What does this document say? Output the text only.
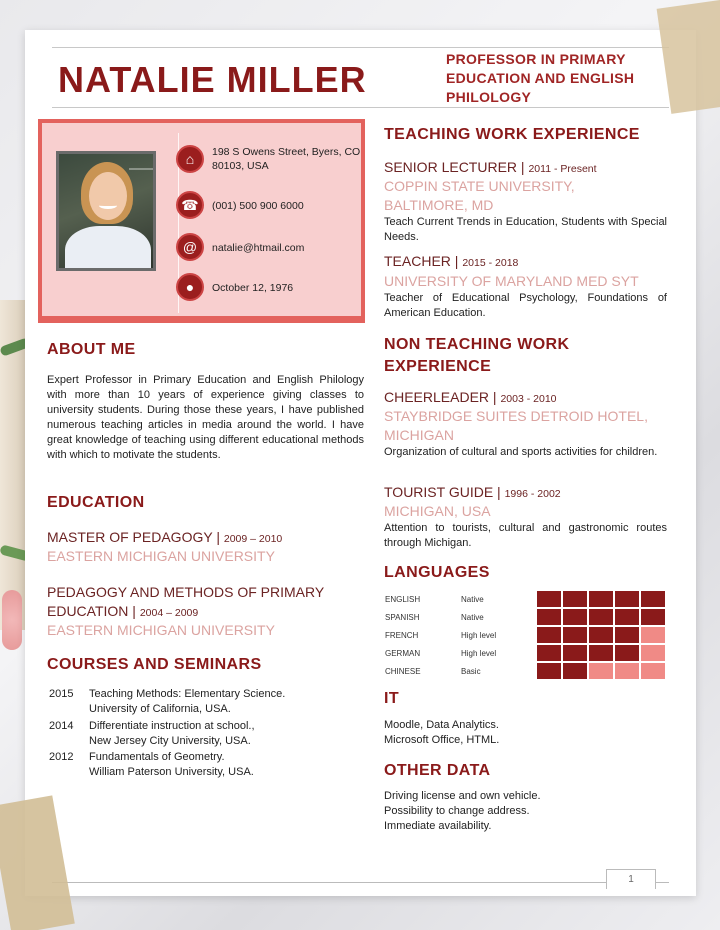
NATALIE MILLER	PROFESSOR IN PRIMARY EDUCATION AND ENGLISH PHILOLOGY
⌂	198 S Owens Street, Byers, CO 80103, USA
☎	(001) 500 900 6000
@	natalie@htmail.com
●	October 12, 1976
ABOUT ME
Expert Professor in Primary Education and English Philology with more than 10 years of experience giving classes to university students. During those these years, I have published numerous teaching articles in media around the world. I have great knowledge of teaching using different educational methods with which to motivate the students.
EDUCATION
MASTER OF PEDAGOGY | 2009 – 2010
EASTERN MICHIGAN UNIVERSITY
PEDAGOGY AND METHODS OF PRIMARY EDUCATION | 2004 – 2009
EASTERN MICHIGAN UNIVERSITY
COURSES AND SEMINARS
2015 Teaching Methods: Elementary Science.
University of California, USA.
2014 Differentiate instruction at school.,
New Jersey City University, USA.
2012 Fundamentals of Geometry.
William Paterson University, USA.
TEACHING WORK EXPERIENCE
SENIOR LECTURER | 2011 - Present
COPPIN STATE UNIVERSITY, BALTIMORE, MD
Teach Current Trends in Education, Students with Special Needs.
TEACHER | 2015 - 2018
UNIVERSITY OF MARYLAND MED SYT
Teacher of Educational Psychology, Foundations of American Education.
NON TEACHING WORK EXPERIENCE
CHEERLEADER | 2003 - 2010
STAYBRIDGE SUITES DETROID HOTEL, MICHIGAN
Organization of cultural and sports activities for children.
TOURIST GUIDE | 1996 - 2002
MICHIGAN, USA
Attention to tourists, cultural and gastronomic routes through Michigan.
LANGUAGES
ENGLISH	Native
SPANISH	Native
FRENCH	High level
GERMAN	High level
CHINESE	Basic
IT
Moodle, Data Analytics.
Microsoft Office, HTML.
OTHER DATA
Driving license and own vehicle.
Possibility to change address.
Immediate availability.
1
